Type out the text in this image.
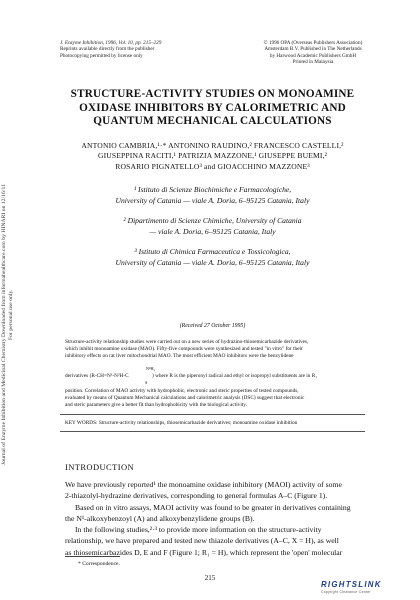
Journal of Enzyme Inhibition and Medicinal Chemistry Downloaded from informahealthcare.com by HINARI on 12/16/11 For personal use only.
J. Enzyme Inhibition, 1996, Vol. 10, pp. 215–229
Reprints available directly from the publisher
Photocopying permitted by license only
© 1996 OPA (Overseas Publishers Association)
Amsterdam B.V. Published in The Netherlands
by Harwood Academic Publishers GmbH
Printed in Malaysia
STRUCTURE-ACTIVITY STUDIES ON MONOAMINE
OXIDASE INHIBITORS BY CALORIMETRIC AND
QUANTUM MECHANICAL CALCULATIONS
ANTONIO CAMBRIA,¹·* ANTONINO RAUDINO,² FRANCESCO CASTELLI,²
GIUSEPPINA RACITI,¹ PATRIZIA MAZZONE,¹ GIUSEPPE BUEMI,²
ROSARIO PIGNATELLO³ and GIOACCHINO MAZZONE³
¹ Istituto di Scienze Biochimiche e Farmacologiche,
University of Catania — viale A. Doria, 6–95125 Catania, Italy
² Dipartimento di Scienze Chimiche, University of Catania
— viale A. Doria, 6–95125 Catania, Italy
³ Istituto di Chimica Farmaceutica e Tossicologica,
University of Catania — viale A. Doria, 6–95125 Catania, Italy
(Received 27 October 1995)
Structure-activity relationship studies were carried out on a new series of hydrazino-thiosemicarbazide derivatives,
which inhibit monoamine oxidase (MAO). Fifty-five compounds were synthesized and tested "in vitro" for their
inhibitory effects on rat liver mitochondrial MAO. The most efficient MAO inhibitors were the benzylidene
derivatives (R-CH=N¹-N²H-C
N⁴H₂
S
) where R is the piperonyl radical and ethyl or isopropyl substituents are in R₁
position. Correlation of MAO activity with hydrophobic, electronic and steric properties of tested compounds,
evaluated by means of Quantum Mechanical calculations and calorimetric analysis (DSC) suggest that electronic
and steric parameters give a better fit than hydrophobicity with the biological activity.
KEY WORDS: Structure-activity relationships, thiosemicarbazide derivatives; monoamine oxidase inhibition
INTRODUCTION
We have previously reported¹ the monoamine oxidase inhibitory (MAOI) activity of some
2-thiazolyl-hydrazine derivatives, corresponding to general formulas A–C (Figure 1).
Based on in vitro assays, MAOI activity was found to be greater in derivatives containing
the N¹-alkoxybenzoyl (A) and alkoxybenzylidene groups (B).
In the following studies,²·³ to provide more information on the structure-activity
relationship, we have prepared and tested new thiazole derivatives (A–C, X = H), as well
as thiosemicarbazides D, E and F (Figure 1; R₁ = H), which represent the 'open' molecular
* Correspondence.
215
RIGHTSLINK
Copyright Clearance Center
